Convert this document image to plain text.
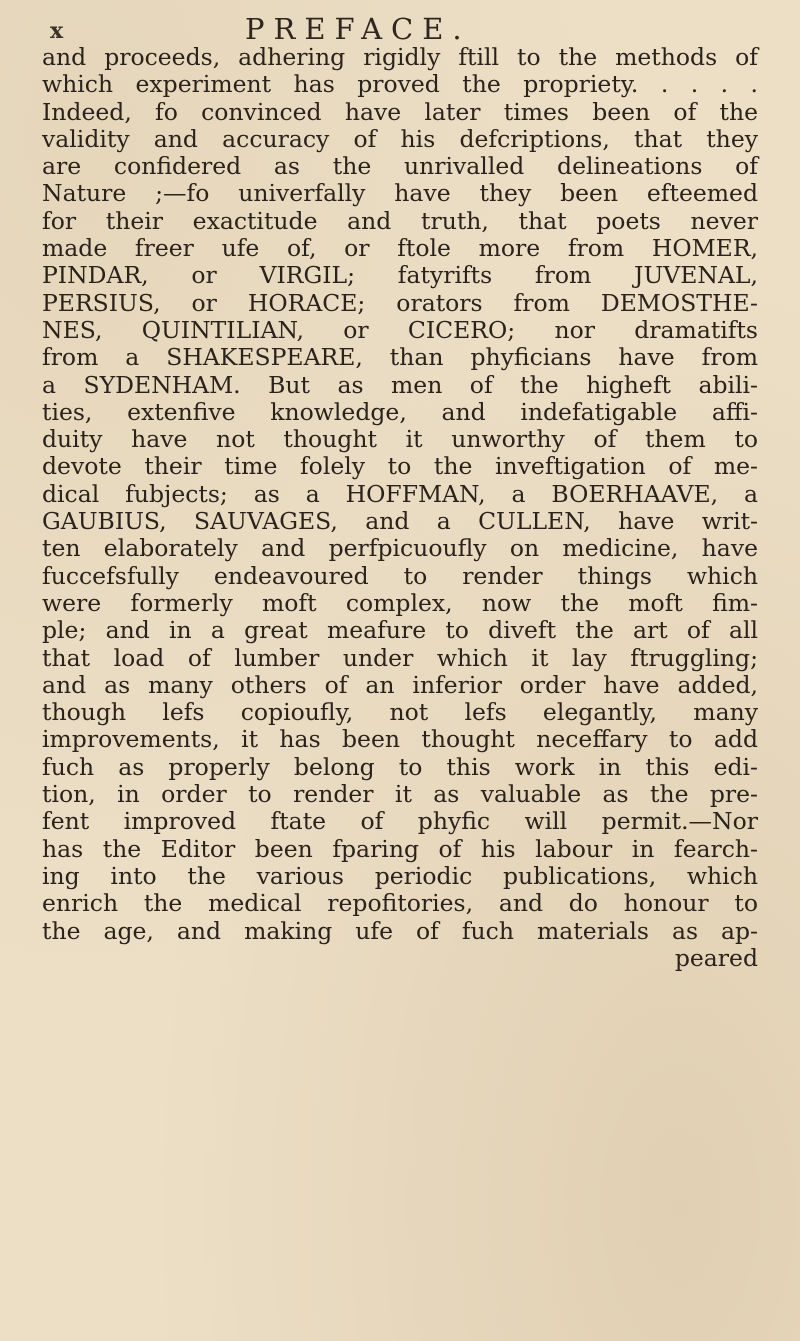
x	PREFACE.
and proceeds, adhering rigidly ftill to the methods of
which experiment has proved the propriety. . . . .
Indeed, fo convinced have later times been of the
validity and accuracy of his defcriptions, that they
are confidered as the unrivalled delineations of
Nature ;—fo univerfally have they been efteemed
for their exactitude and truth, that poets never
made freer ufe of, or ftole more from HOMER,
PINDAR, or VIRGIL; fatyrifts from JUVENAL,
PERSIUS, or HORACE; orators from DEMOSTHE-
NES, QUINTILIAN, or CICERO; nor dramatifts
from a SHAKESPEARE, than phyficians have from
a SYDENHAM. But as men of the higheft abili-
ties, extenfive knowledge, and indefatigable affi-
duity have not thought it unworthy of them to
devote their time folely to the inveftigation of me-
dical fubjects; as a HOFFMAN, a BOERHAAVE, a
GAUBIUS, SAUVAGES, and a CULLEN, have writ-
ten elaborately and perfpicuoufly on medicine, have
fuccefsfully endeavoured to render things which
were formerly moft complex, now the moft fim-
ple; and in a great meafure to diveft the art of all
that load of lumber under which it lay ftruggling;
and as many others of an inferior order have added,
though lefs copioufly, not lefs elegantly, many
improvements, it has been thought neceffary to add
fuch as properly belong to this work in this edi-
tion, in order to render it as valuable as the pre-
fent improved ftate of phyfic will permit.—Nor
has the Editor been fparing of his labour in fearch-
ing into the various periodic publications, which
enrich the medical repofitories, and do honour to
the age, and making ufe of fuch materials as ap-
peared
